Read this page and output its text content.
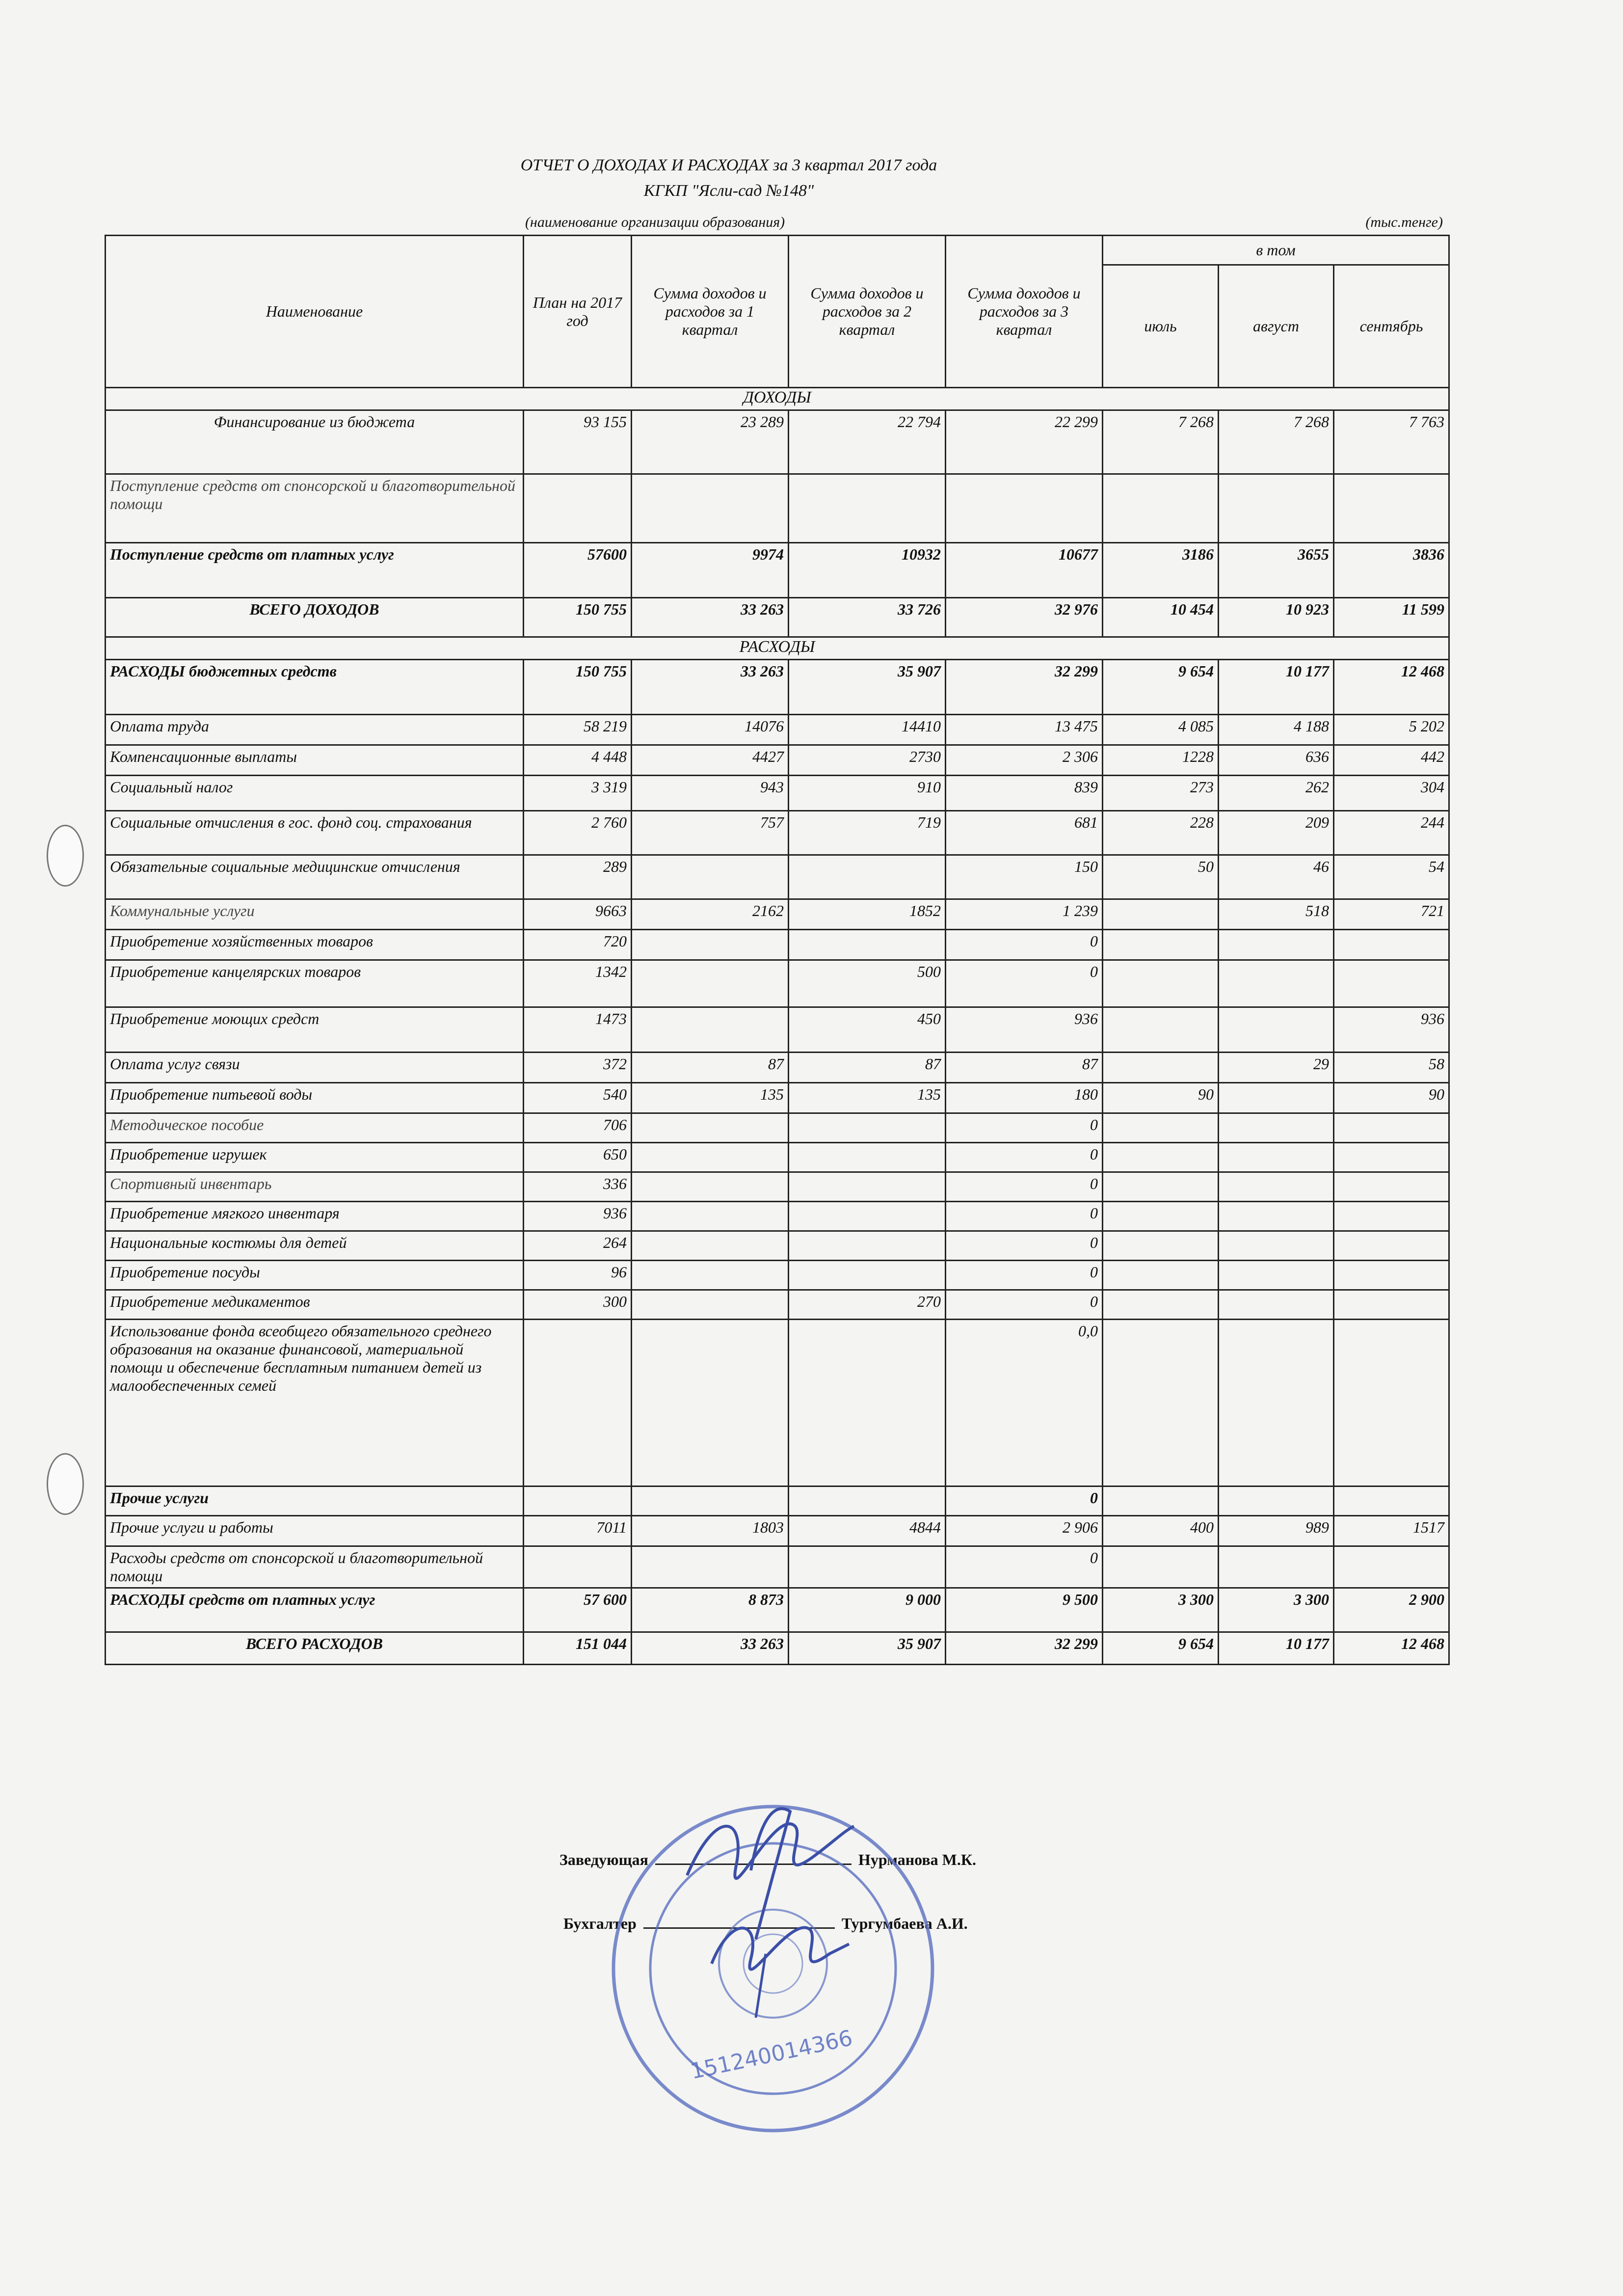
ОТЧЕТ О ДОХОДАХ И РАСХОДАХ за 3 квартал 2017 года
КГКП "Ясли-сад №148"
(наименование организации образования)	(тыс.тенге)
Наименование	План на 2017 год	Сумма доходов и расходов за 1 квартал	Сумма доходов и расходов за 2 квартал	Сумма доходов и расходов за 3 квартал	в том		
					июль	август	сентябрь
ДОХОДЫ							
Финансирование из бюджета	93 155	23 289	22 794	22 299	7 268	7 268	7 763
Поступление средств от спонсорской и благотворительной помощи							
Поступление средств от платных услуг	57600	9974	10932	10677	3186	3655	3836
ВСЕГО ДОХОДОВ	150 755	33 263	33 726	32 976	10 454	10 923	11 599
РАСХОДЫ							
РАСХОДЫ бюджетных средств	150 755	33 263	35 907	32 299	9 654	10 177	12 468
Оплата труда	58 219	14076	14410	13 475	4 085	4 188	5 202
Компенсационные выплаты	4 448	4427	2730	2 306	1228	636	442
Социальный налог	3 319	943	910	839	273	262	304
Социальные отчисления в гос. фонд соц. страхования	2 760	757	719	681	228	209	244
Обязательные социальные медицинские отчисления	289			150	50	46	54
Коммунальные услуги	9663	2162	1852	1 239		518	721
Приобретение хозяйственных товаров	720			0			
Приобретение канцелярских товаров	1342		500	0			
Приобретение моющих средст	1473		450	936			936
Оплата услуг связи	372	87	87	87		29	58
Приобретение питьевой воды	540	135	135	180	90		90
Методическое пособие	706			0			
Приобретение игрушек	650			0			
Спортивный инвентарь	336			0			
Приобретение мягкого инвентаря	936			0			
Национальные костюмы для детей	264			0			
Приобретение посуды	96			0			
Приобретение медикаментов	300		270	0			
Использование фонда всеобщего обязательного среднего образования на оказание финансовой, материальной помощи и обеспечение бесплатным питанием детей из малообеспеченных семей				0,0			
Прочие услуги				0			
Прочие услуги и работы	7011	1803	4844	2 906	400	989	1517
Расходы средств от спонсорской и благотворительной помощи				0			
РАСХОДЫ средств от платных услуг	57 600	8 873	9 000	9 500	3 300	3 300	2 900
ВСЕГО РАСХОДОВ	151 044	33 263	35 907	32 299	9 654	10 177	12 468
Заведующая	Нурманова М.К.
Бухгалтер	Тургумбаева А.И.
151240014366
